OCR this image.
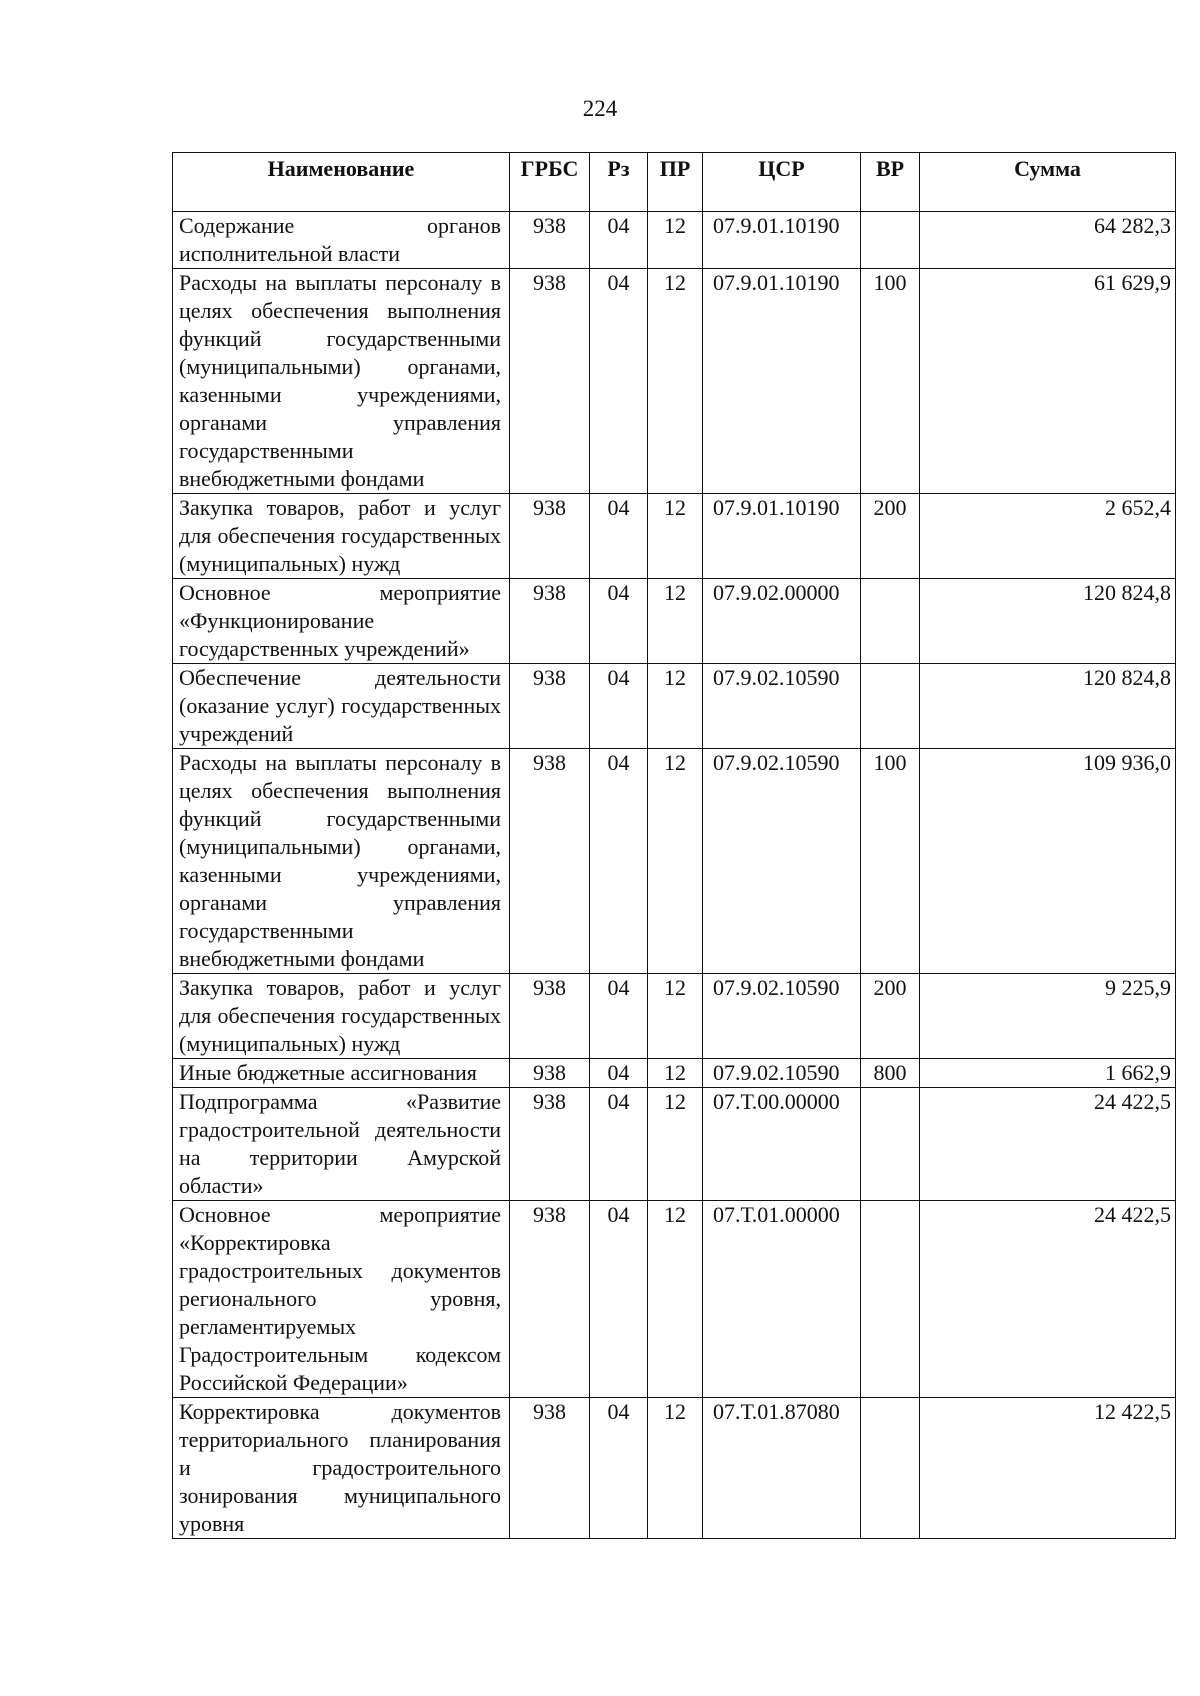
224
Наименование	ГРБС	Рз	ПР	ЦСР	ВР	Сумма
Содержание органов исполнительной власти	938	04	12	07.9.01.10190		64 282,3
Расходы на выплаты персоналу в целях обеспечения выполнения функций государственными (муниципальными) органами, казенными учреждениями, органами управления государственными внебюджетными фондами	938	04	12	07.9.01.10190	100	61 629,9
Закупка товаров, работ и услуг для обеспечения государственных (муниципальных) нужд	938	04	12	07.9.01.10190	200	2 652,4
Основное мероприятие «Функционирование государственных учреждений»	938	04	12	07.9.02.00000		120 824,8
Обеспечение деятельности (оказание услуг) государственных учреждений	938	04	12	07.9.02.10590		120 824,8
Расходы на выплаты персоналу в целях обеспечения выполнения функций государственными (муниципальными) органами, казенными учреждениями, органами управления государственными внебюджетными фондами	938	04	12	07.9.02.10590	100	109 936,0
Закупка товаров, работ и услуг для обеспечения государственных (муниципальных) нужд	938	04	12	07.9.02.10590	200	9 225,9
Иные бюджетные ассигнования	938	04	12	07.9.02.10590	800	1 662,9
Подпрограмма «Развитие градостроительной деятельности на территории Амурской области»	938	04	12	07.Т.00.00000		24 422,5
Основное мероприятие «Корректировка градостроительных документов регионального уровня, регламентируемых Градостроительным кодексом Российской Федерации»	938	04	12	07.Т.01.00000		24 422,5
Корректировка документов территориального планирования и градостроительного зонирования муниципального уровня	938	04	12	07.Т.01.87080		12 422,5
